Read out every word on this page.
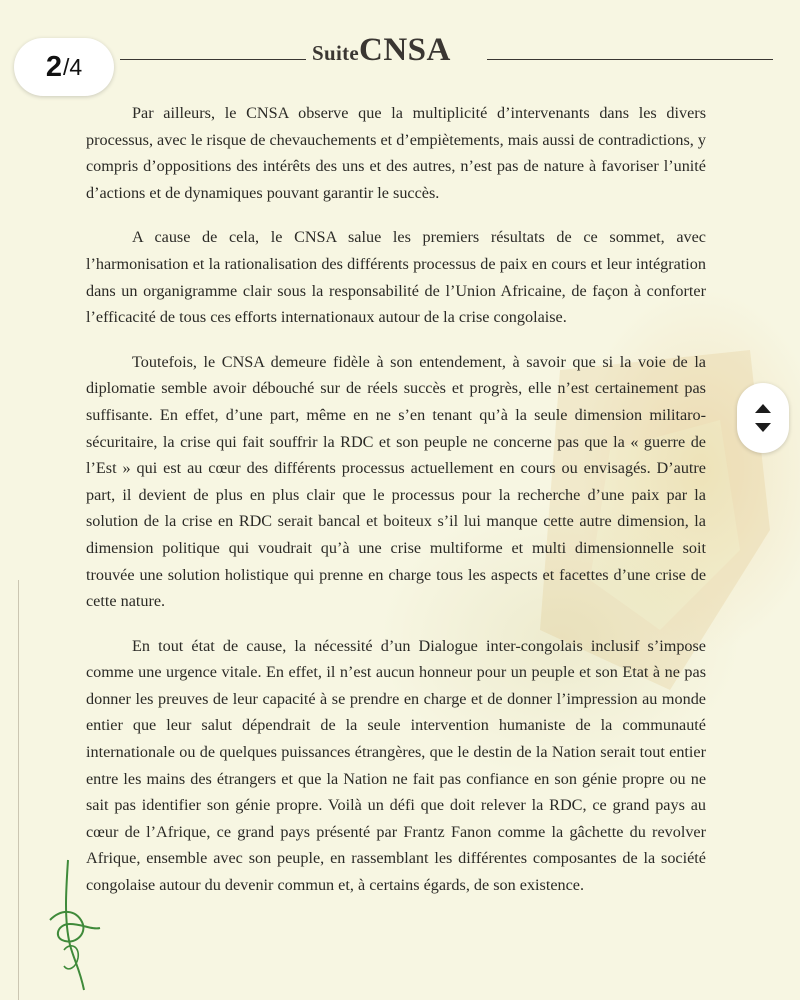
SuiteCNSA

Par ailleurs, le CNSA observe que la multiplicité d’intervenants dans les divers processus, avec le risque de chevauchements et d’empiètements, mais aussi de contradictions, y compris d’oppositions des intérêts des uns et des autres, n’est pas de nature à favoriser l’unité d’actions et de dynamiques pouvant garantir le succès.

A cause de cela, le CNSA salue les premiers résultats de ce sommet, avec l’harmonisation et la rationalisation des différents processus de paix en cours et leur intégration dans un organigramme clair sous la responsabilité de l’Union Africaine, de façon à conforter l’efficacité de tous ces efforts internationaux autour de la crise congolaise.

Toutefois, le CNSA demeure fidèle à son entendement, à savoir que si la voie de la diplomatie semble avoir débouché sur de réels succès et progrès, elle n’est certainement pas suffisante. En effet, d’une part, même en ne s’en tenant qu’à la seule dimension militaro-sécuritaire, la crise qui fait souffrir la RDC et son peuple ne concerne pas que la « guerre de l’Est » qui est au cœur des différents processus actuellement en cours ou envisagés. D’autre part, il devient de plus en plus clair que le processus pour la recherche d’une paix par la solution de la crise en RDC serait bancal et boiteux s’il lui manque cette autre dimension, la dimension politique qui voudrait qu’à une crise multiforme et multi dimensionnelle soit trouvée une solution holistique qui prenne en charge tous les aspects et facettes d’une crise de cette nature.

En tout état de cause, la nécessité d’un Dialogue inter-congolais inclusif s’impose comme une urgence vitale. En effet, il n’est aucun honneur pour un peuple et son Etat à ne pas donner les preuves de leur capacité à se prendre en charge et de donner l’impression au monde entier que leur salut dépendrait de la seule intervention humaniste de la communauté internationale ou de quelques puissances étrangères, que le destin de la Nation serait tout entier entre les mains des étrangers et que la Nation ne fait pas confiance en son génie propre ou ne sait pas identifier son génie propre. Voilà un défi que doit relever la RDC, ce grand pays au cœur de l’Afrique, ce grand pays présenté par Frantz Fanon comme la gâchette du revolver Afrique, ensemble avec son peuple, en rassemblant les différentes composantes de la société congolaise autour du devenir commun et, à certains égards, de son existence.

2 / 4
